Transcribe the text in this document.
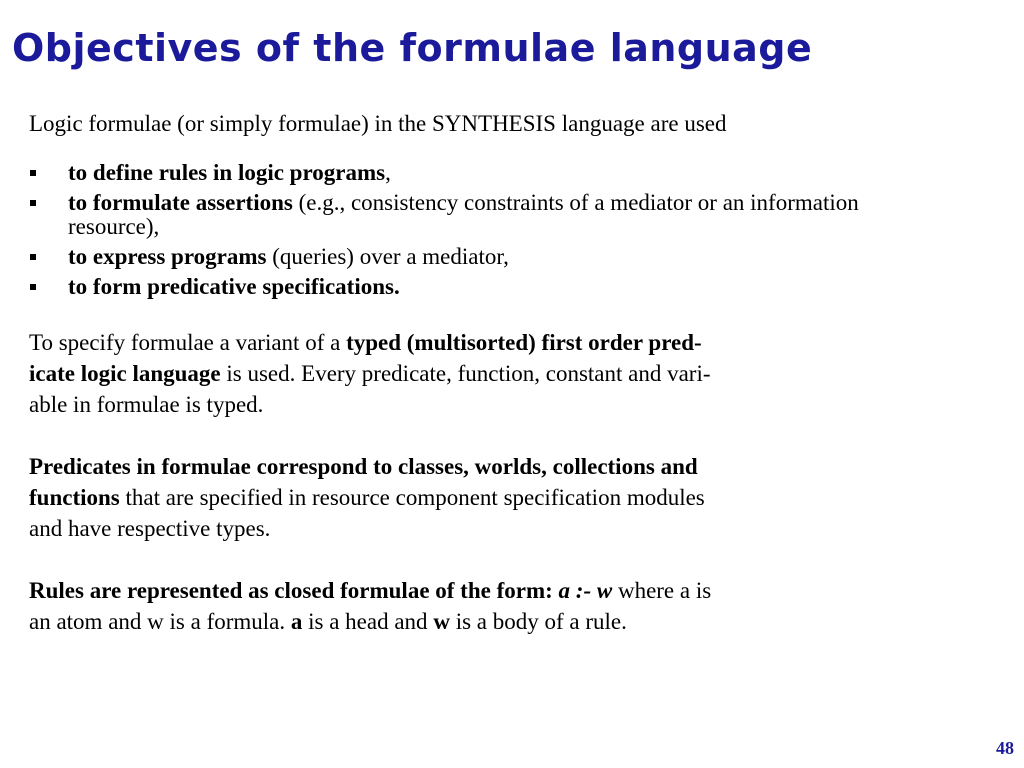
Objectives of the formulae language

Logic formulae (or simply formulae) in the SYNTHESIS language are used

to define rules in logic programs,
to formulate assertions (e.g., consistency constraints of a mediator or an information resource),
to express programs (queries) over a mediator,
to form predicative specifications.

To specify formulae a variant of a typed (multisorted) first order pred-
icate logic language is used. Every predicate, function, constant and vari-
able in formulae is typed.

Predicates in formulae correspond to classes, worlds, collections and
functions that are specified in resource component specification modules
and have respective types.

Rules are represented as closed formulae of the form: a :- w where a is
an atom and w is a formula. a is a head and w is a body of a rule.

48
